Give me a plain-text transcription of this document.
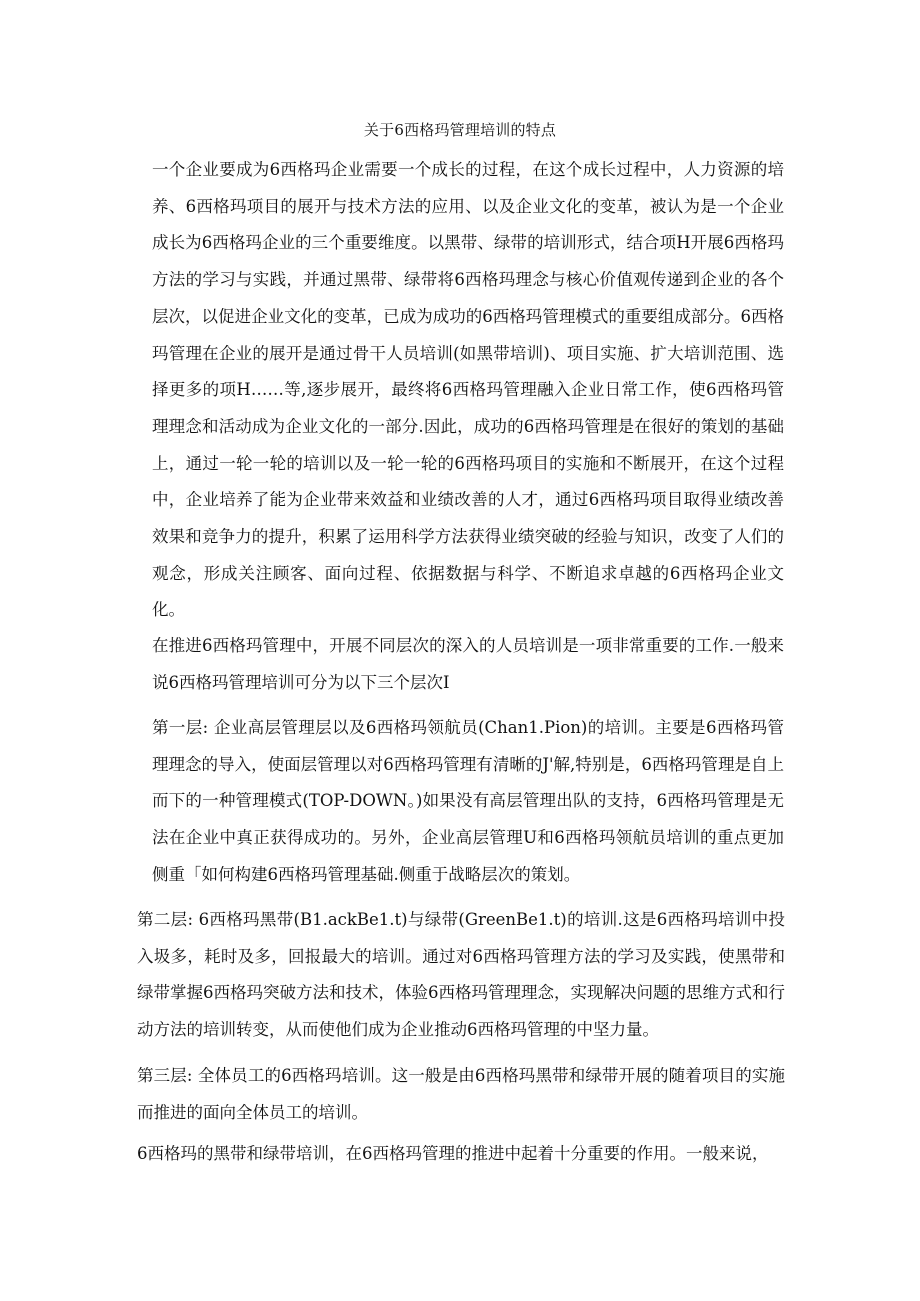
关于6西格玛管理培训的特点

一个企业要成为6西格玛企业需要一个成长的过程，在这个成长过程中，人力资源的培养、6西格玛项目的展开与技术方法的应用、以及企业文化的变革，被认为是一个企业成长为6西格玛企业的三个重要维度。以黑带、绿带的培训形式，结合项H开展6西格玛方法的学习与实践，并通过黑带、绿带将6西格玛理念与核心价值观传递到企业的各个层次，以促进企业文化的变革，已成为成功的6西格玛管理模式的重要组成部分。6西格玛管理在企业的展开是通过骨干人员培训(如黑带培训)、项目实施、扩大培训范围、选择更多的项H……等,逐步展开，最终将6西格玛管理融入企业日常工作，使6西格玛管理理念和活动成为企业文化的一部分.因此，成功的6西格玛管理是在很好的策划的基础上，通过一轮一轮的培训以及一轮一轮的6西格玛项目的实施和不断展开，在这个过程中，企业培养了能为企业带来效益和业绩改善的人才，通过6西格玛项目取得业绩改善效果和竞争力的提升，积累了运用科学方法获得业绩突破的经验与知识，改变了人们的观念，形成关注顾客、面向过程、依据数据与科学、不断追求卓越的6西格玛企业文化。

在推进6西格玛管理中，开展不同层次的深入的人员培训是一项非常重要的工作.一般来说6西格玛管理培训可分为以下三个层次I

第一层: 企业高层管理层以及6西格玛领航员(Chan1.Pion)的培训。主要是6西格玛管理理念的导入，使面层管理以对6西格玛管理有清晰的J'解,特别是，6西格玛管理是自上而下的一种管理模式(TOP-DOWN。)如果没有高层管理出队的支持，6西格玛管理是无法在企业中真正获得成功的。另外，企业高层管理U和6西格玛领航员培训的重点更加侧重「如何构建6西格玛管理基础.侧重于战略层次的策划。

第二层: 6西格玛黑带(B1.ackBe1.t)与绿带(GreenBe1.t)的培训.这是6西格玛培训中投入圾多，耗时及多，回报最大的培训。通过对6西格玛管理方法的学习及实践，使黑带和绿带掌握6西格玛突破方法和技术，体验6西格玛管理理念，实现解决问题的思维方式和行动方法的培训转变，从而使他们成为企业推动6西格玛管理的中坚力量。

第三层: 全体员工的6西格玛培训。这一般是由6西格玛黑带和绿带开展的随着项目的实施而推进的面向全体员工的培训。

6西格玛的黑带和绿带培训，在6西格玛管理的推进中起着十分重要的作用。一般来说，
